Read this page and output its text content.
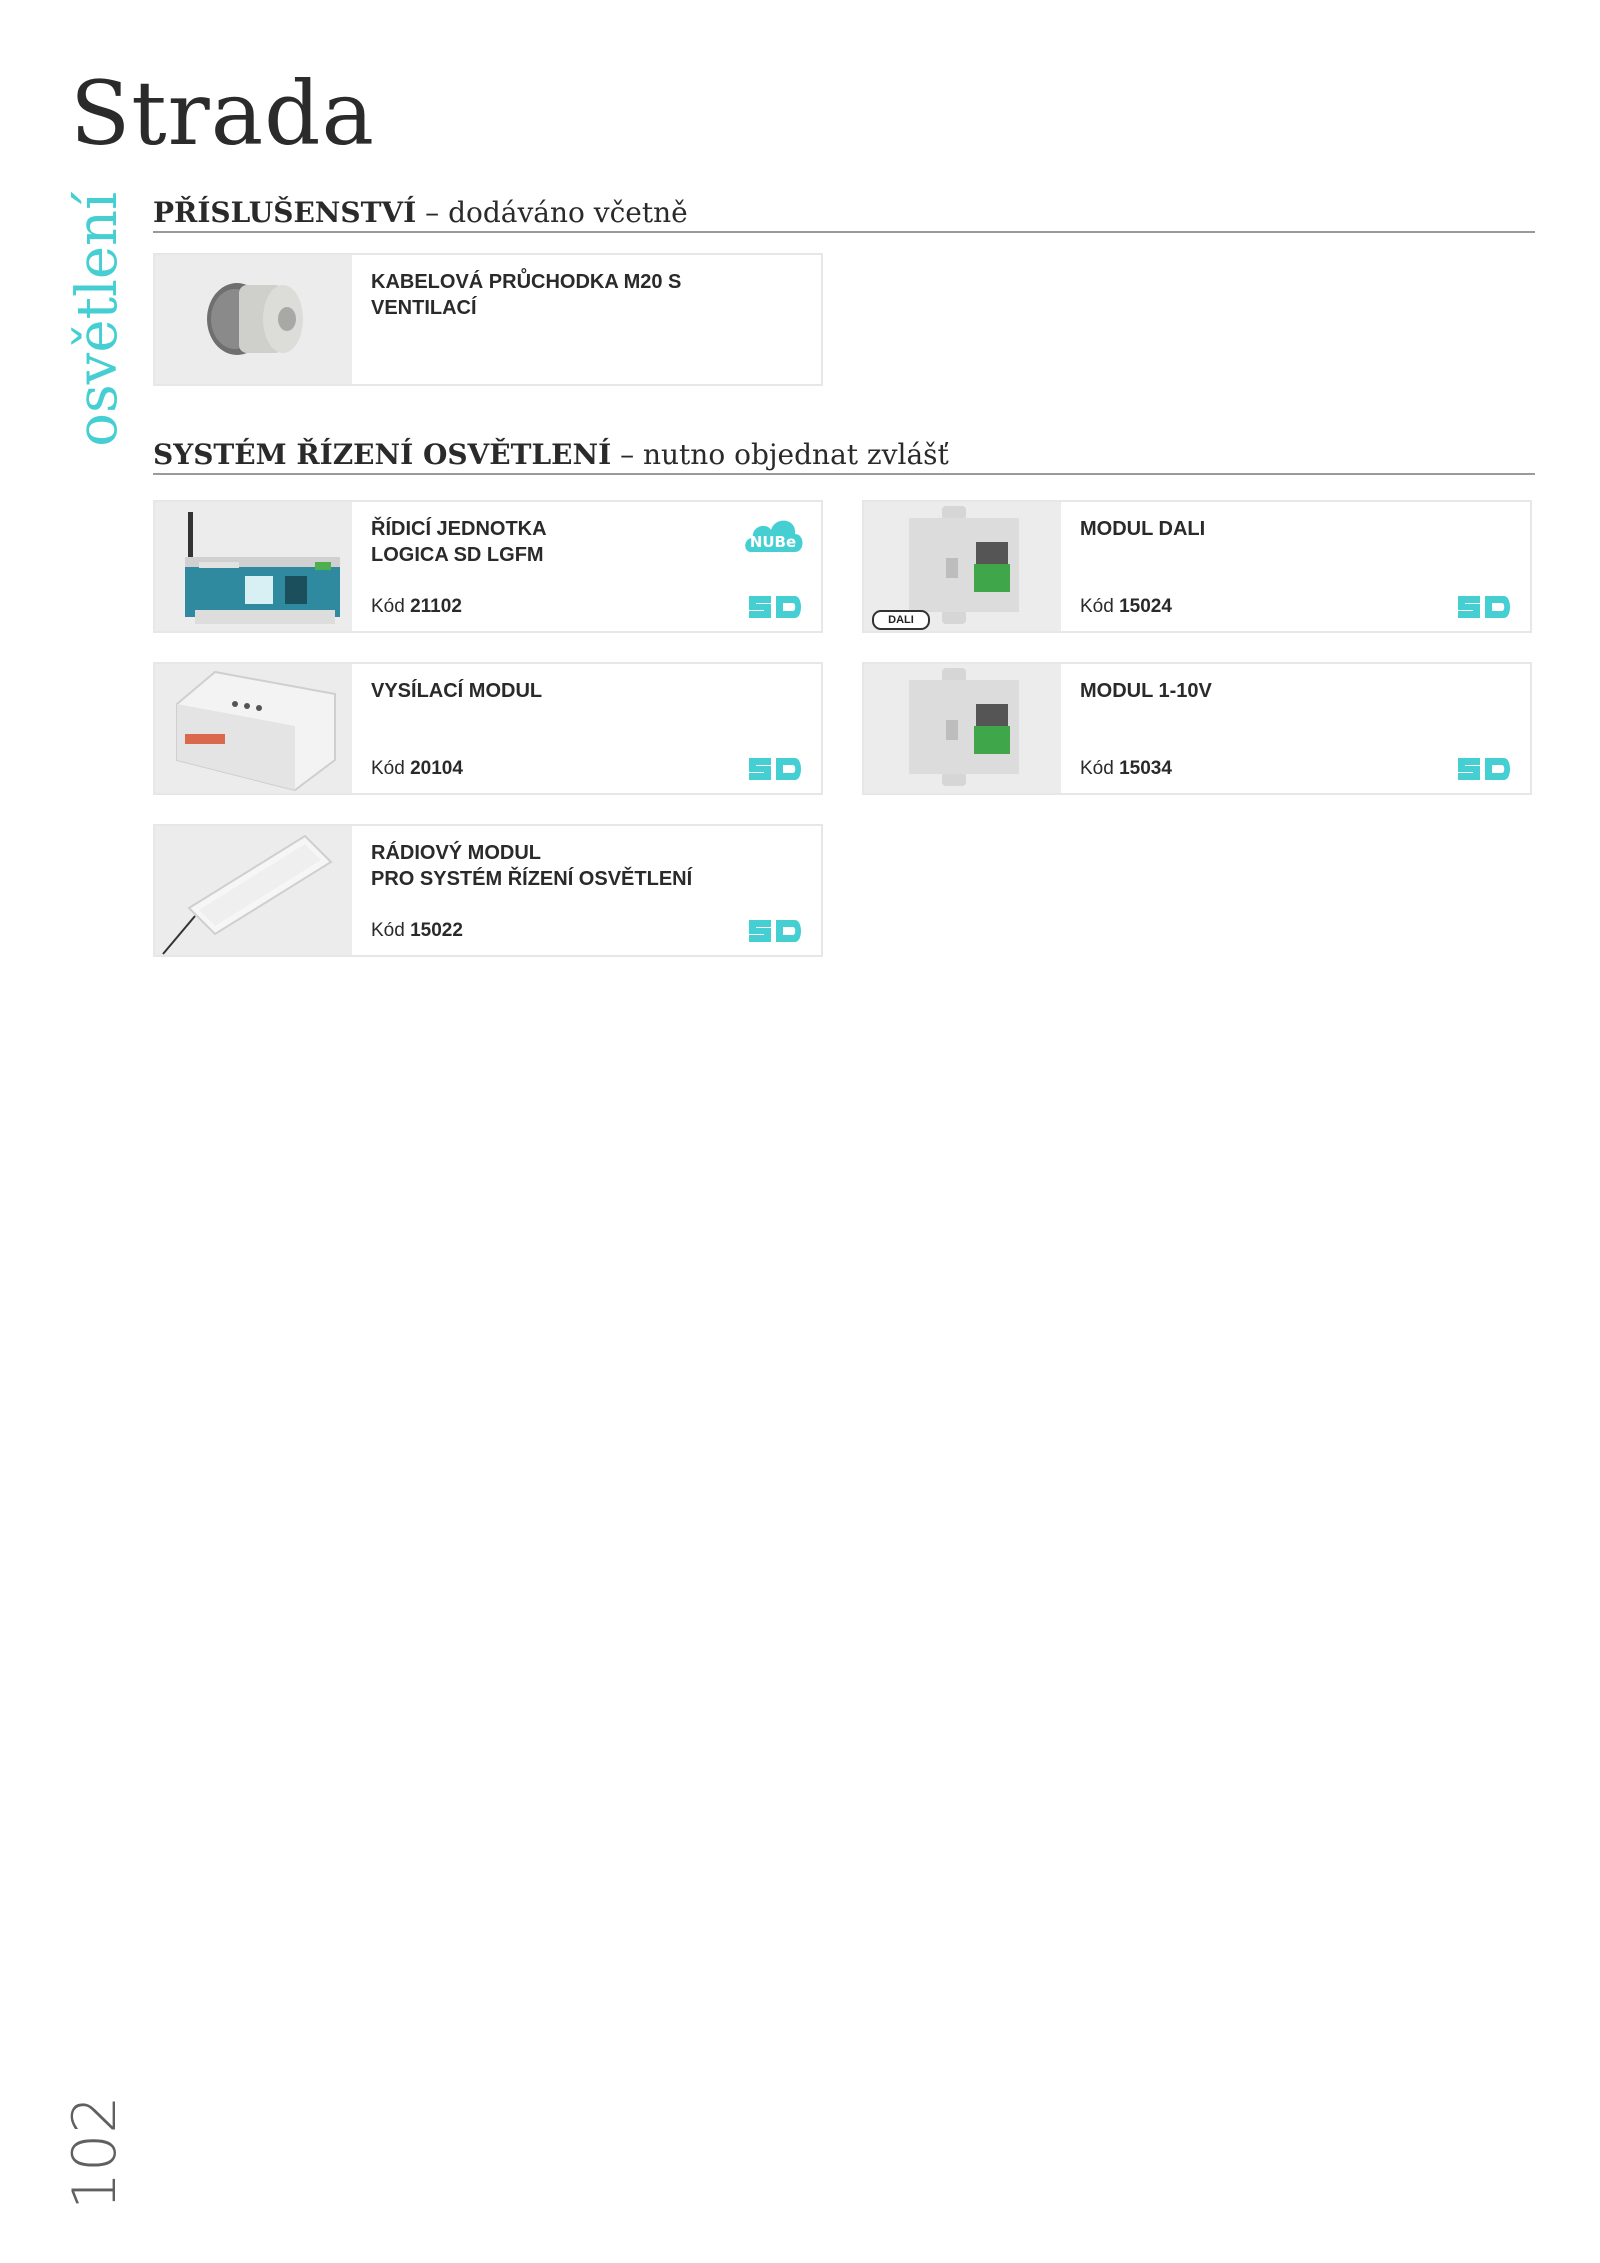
Strada
osvětlení
102
PŘÍSLUŠENSTVÍ – dodáváno včetně
KABELOVÁ PRŮCHODKA M20 S VENTILACÍ
SYSTÉM ŘÍZENÍ OSVĚTLENÍ – nutno objednat zvlášť
ŘÍDICÍ JEDNOTKA
LOGICA SD LGFM
NUBe
Kód 21102
DALI
MODUL DALI
Kód 15024
VYSÍLACÍ MODUL
Kód 20104
MODUL 1-10V
Kód 15034
RÁDIOVÝ MODUL
PRO SYSTÉM ŘÍZENÍ OSVĚTLENÍ
Kód 15022
